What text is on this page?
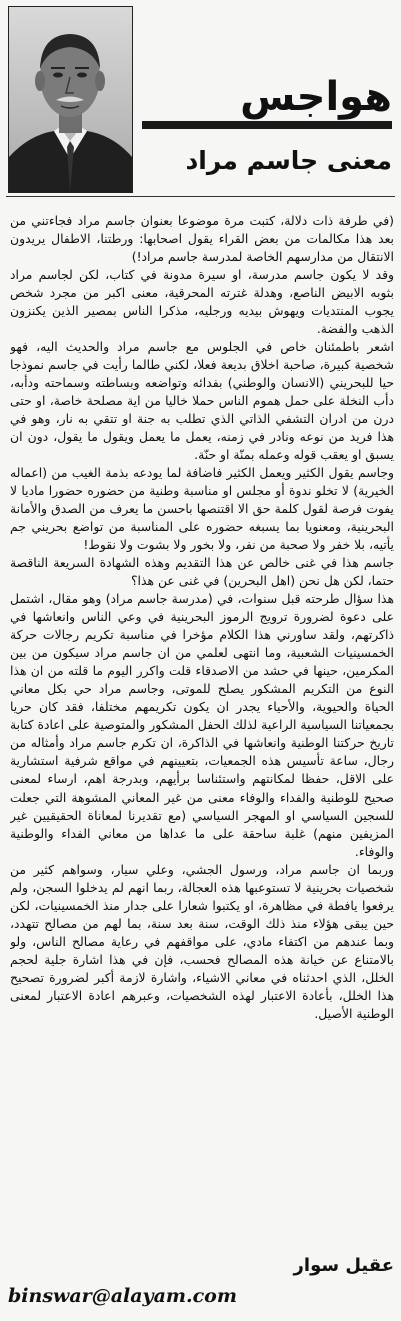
هواجس
معنى جاسم مراد

(في طرفة ذات دلالة، كتبت مرة موضوعا بعنوان جاسم مراد فجاءتني من بعد هذا مكالمات من بعض القراء يقول اصحابها: ورطتنا، الاطفال يريدون الانتقال من مدارسهم الخاصة لمدرسة جاسم مراد!)

وقد لا يكون جاسم مدرسة، او سيرة مدونة في كتاب، لكن لجاسم مراد بثوبه الابيض الناصع، وهدلة غترته المحرقية، معنى اكبر من مجرد شخص يجوب المنتديات ويهوش بيديه ورجليه، مذكرا الناس بمصير الذين يكنزون الذهب والفضة.

اشعر باطمئنان خاص في الجلوس مع جاسم مراد والحديث اليه، فهو شخصية كبيرة، صاحبة اخلاق بديعة فعلا، لكني طالما رأيت في جاسم نموذجا حيا للبحريني (الانسان والوطني) بفدائه وتواضعه وبساطته وسماحته ودأبه، دأب النخلة على حمل هموم الناس حملا خاليا من اية مصلحة خاصة، او حتى درن من ادران التشفي الذاتي الذي تطلب به جنة او تتقي به نار، وهو في هذا فريد من نوعه ونادر في زمنه، يعمل ما يعمل ويقول ما يقول، دون ان يسبق او يعقب قوله وعمله بمنّة او حنّة.

وجاسم يقول الكثير ويعمل الكثير فاضافة لما يودعه بذمة الغيب من (اعماله الخيرية) لا تخلو ندوة أو مجلس او مناسبة وطنية من حضوره حضورا ماديا لا يفوت فرصة لقول كلمة حق الا اقتنصها باحسن ما يعرف من الصدق والأمانة البحرينية، ومعنويا بما يسبغه حضوره على المناسبة من تواضع بحريني جم يأتيه، بلا خفر ولا صحبة من نفر، ولا بخور ولا بشوت ولا نقوط!

جاسم هذا في غنى خالص عن هذا التقديم وهذه الشهادة السريعة الناقصة حتما، لكن هل نحن (اهل البحرين) في غنى عن هذا؟

هذا سؤال طرحته قبل سنوات، في (مدرسة جاسم مراد) وهو مقال، اشتمل على دعوة لضرورة ترويج الرموز البحرينية في وعي الناس وانعاشها في ذاكرتهم، ولقد ساورني هذا الكلام مؤخرا في مناسبة تكريم رجالات حركة الخمسينيات الشعبية، وما انتهى لعلمي من ان جاسم مراد سيكون من بين المكرمين، حينها في حشد من الاصدقاء قلت واكرر اليوم ما قلته من ان هذا النوع من التكريم المشكور يصلح للموتى، وجاسم مراد حي بكل معاني الحياة والحيوية، والأحياء يجدر ان يكون تكريمهم مختلفا، فقد كان حريا بجمعياتنا السياسية الراعية لذلك الحفل المشكور والمتوصية على اعادة كتابة تاريخ حركتنا الوطنية وانعاشها في الذاكرة، ان تكرم جاسم مراد وأمثاله من رجال، ساعة تأسيس هذه الجمعيات، بتعيينهم في مواقع شرفية استشارية على الاقل، حفظا لمكانتهم واستئناسا برأيهم، وبدرجة اهم، ارساء لمعنى صحيح للوطنية والفداء والوفاء معنى من غير المعاني المشوهة التي جعلت للسجين السياسي او المهجر السياسي (مع تقديرنا لمعاناة الحقيقيين غير المزيفين منهم) غلبة ساحقة على ما عداها من معاني الفداء والوطنية والوفاء.

وربما ان جاسم مراد، ورسول الجشي، وعلي سيار، وسواهم كثير من شخصيات بحرينية لا تستوعبها هذه العجالة، ربما انهم لم يدخلوا السجن، ولم يرفعوا يافطة في مظاهرة، او يكتبوا شعارا على جدار منذ الخمسينيات، لكن حين يبقى هؤلاء منذ ذلك الوقت، سنة بعد سنة، بما لهم من مصالح تتهدد، وبما عندهم من اكتفاء مادي، على مواقفهم في رعاية مصالح الناس، ولو بالامتناع عن خيانة هذه المصالح فحسب، فإن في هذا اشارة جلية لحجم الخلل، الذي احدثناه في معاني الاشياء، واشارة لازمة أكبر لضرورة تصحيح هذا الخلل، بأعادة الاعتبار لهذه الشخصيات، وعبرهم اعادة الاعتبار لمعنى الوطنية الأصيل.

عقيل سوار
binswar@alayam.com
